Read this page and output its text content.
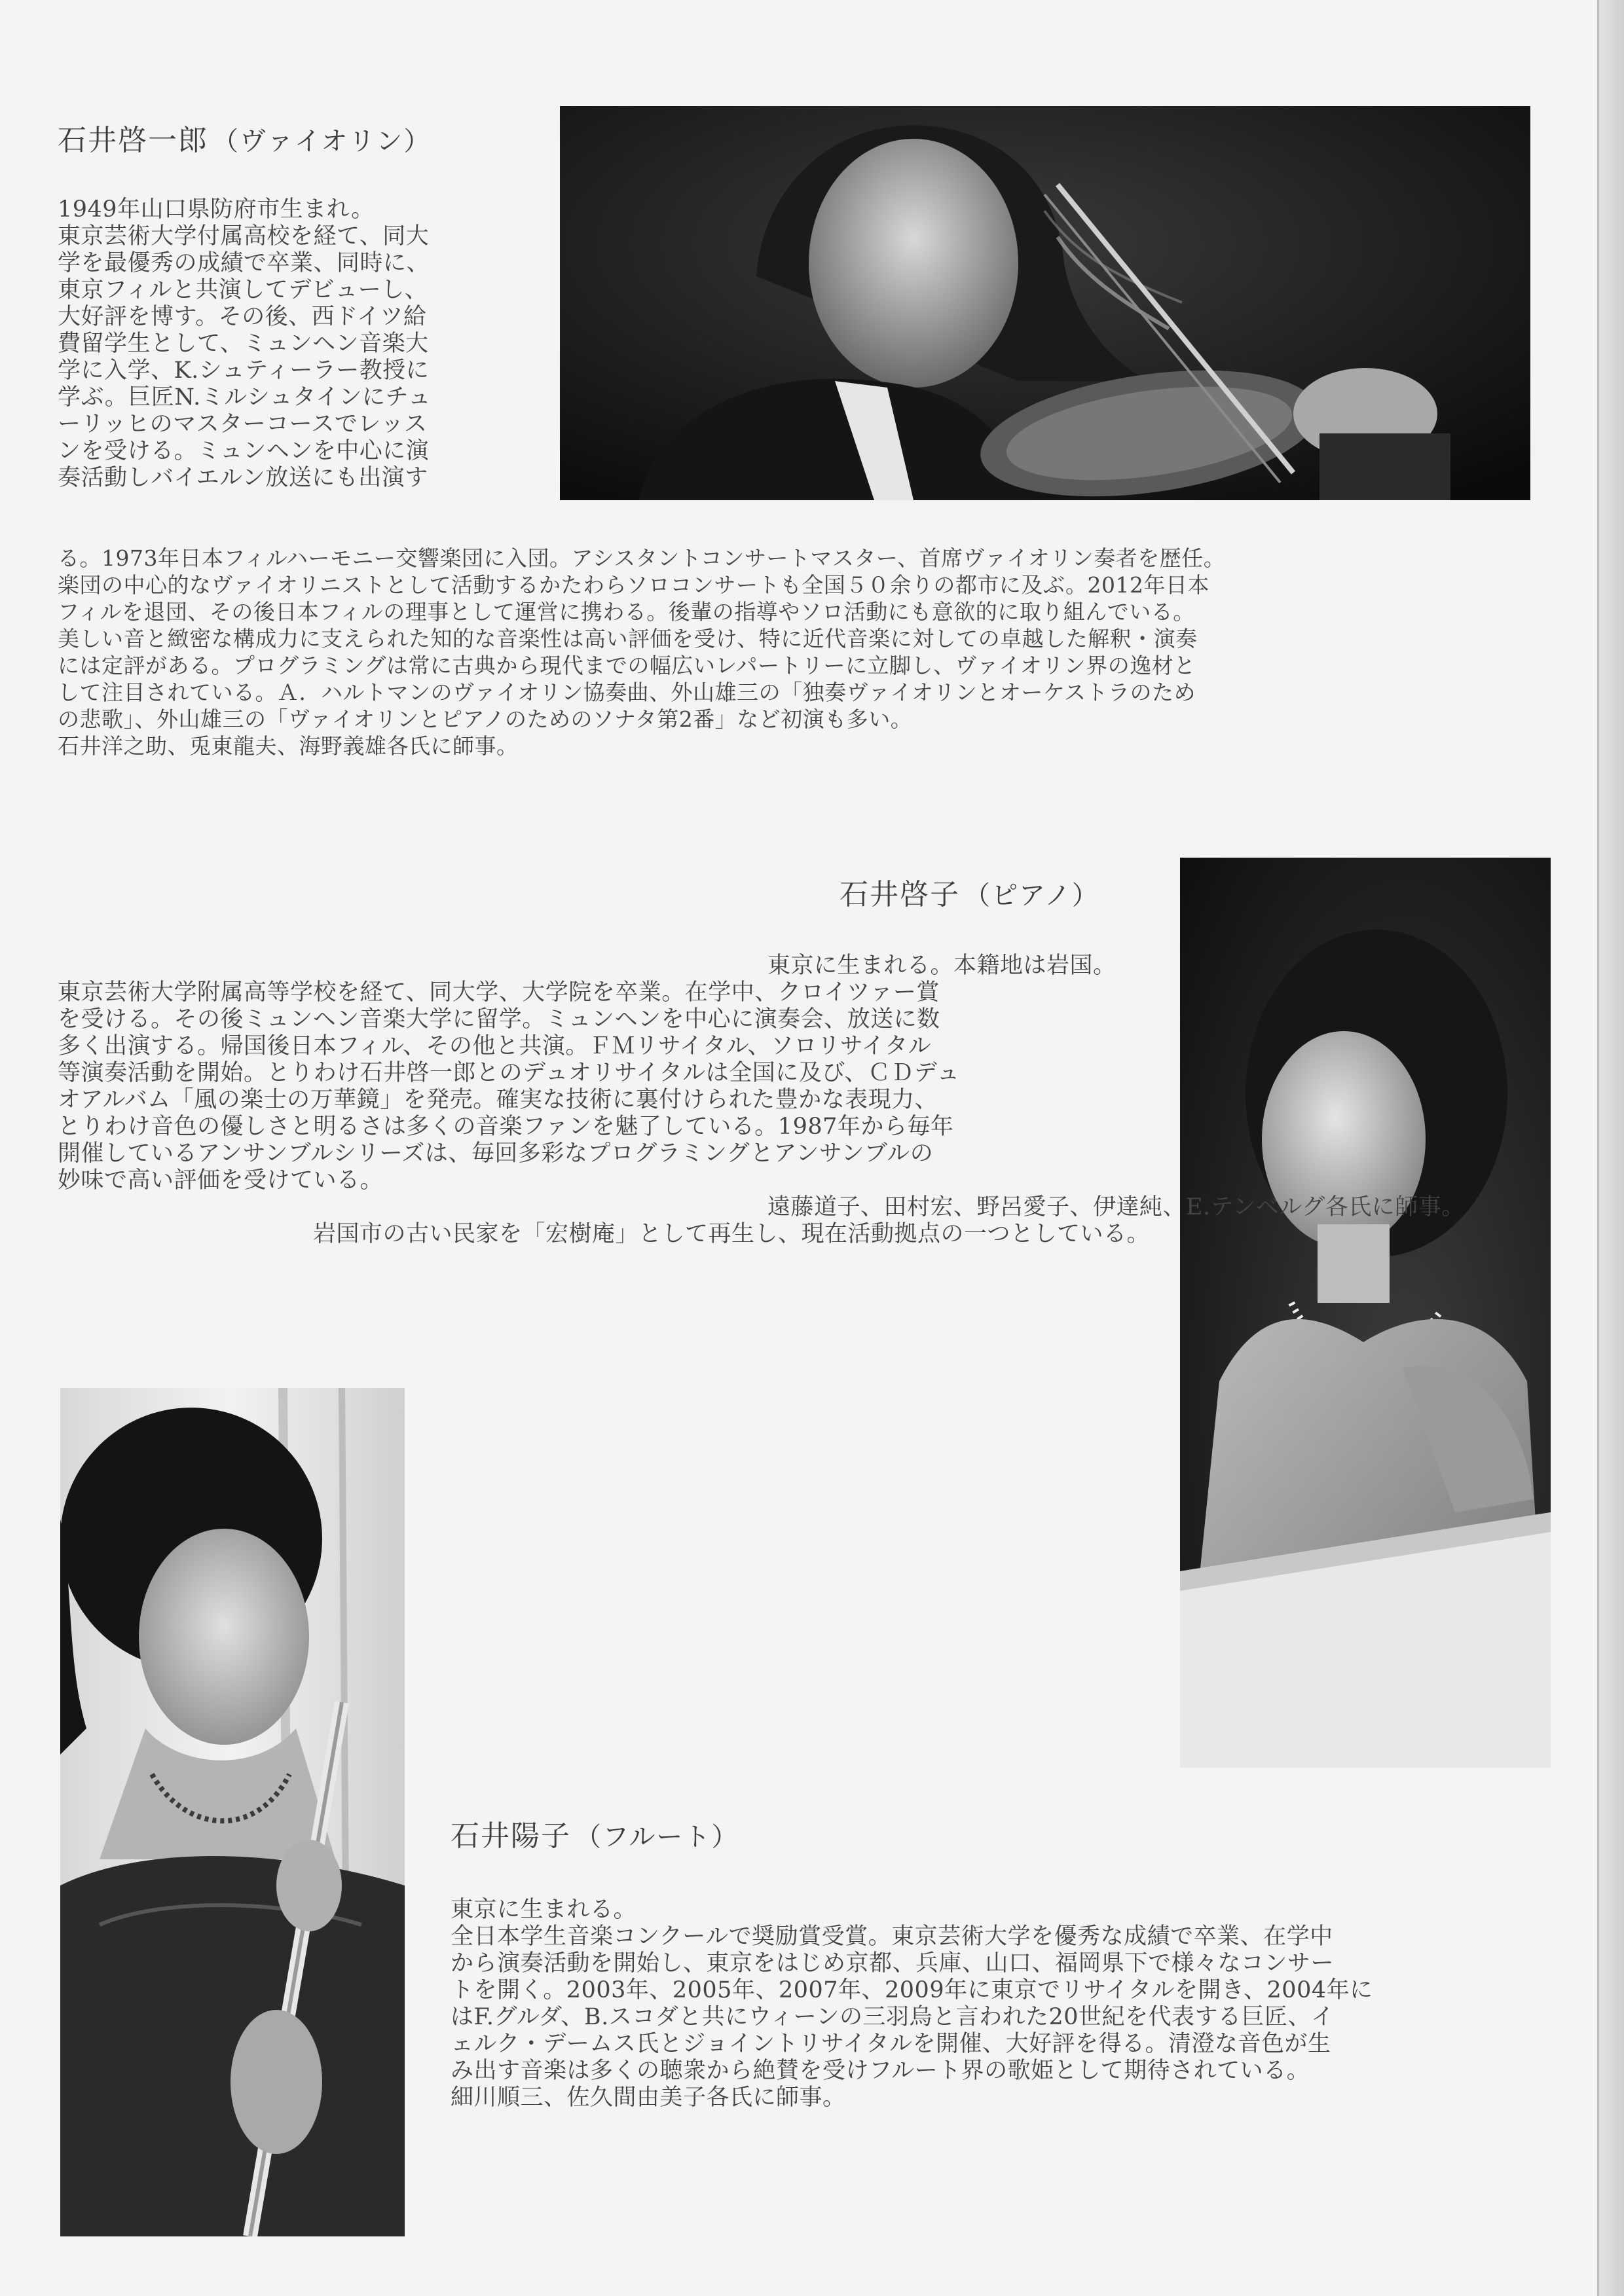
石井啓一郎 （ヴァイオリン）
1949年山口県防府市生まれ。
東京芸術大学付属高校を経て、同大
学を最優秀の成績で卒業、同時に、
東京フィルと共演してデビューし、
大好評を博す。その後、西ドイツ給
費留学生として、ミュンヘン音楽大
学に入学、K.シュティーラー教授に
学ぶ。巨匠N.ミルシュタインにチュ
ーリッヒのマスターコースでレッス
ンを受ける。ミュンヘンを中心に演
奏活動しバイエルン放送にも出演す
る。1973年日本フィルハーモニー交響楽団に入団。アシスタントコンサートマスター、首席ヴァイオリン奏者を歴任。
楽団の中心的なヴァイオリニストとして活動するかたわらソロコンサートも全国５０余りの都市に及ぶ。2012年日本
フィルを退団、その後日本フィルの理事として運営に携わる。後輩の指導やソロ活動にも意欲的に取り組んでいる。
美しい音と緻密な構成力に支えられた知的な音楽性は高い評価を受け、特に近代音楽に対しての卓越した解釈・演奏
には定評がある。プログラミングは常に古典から現代までの幅広いレパートリーに立脚し、ヴァイオリン界の逸材と
して注目されている。Ａ．ハルトマンのヴァイオリン協奏曲、外山雄三の「独奏ヴァイオリンとオーケストラのため
の悲歌」、外山雄三の「ヴァイオリンとピアノのためのソナタ第2番」など初演も多い。
石井洋之助、兎東龍夫、海野義雄各氏に師事。
石井啓子 （ピアノ）
東京に生まれる。本籍地は岩国。
東京芸術大学附属高等学校を経て、同大学、大学院を卒業。在学中、クロイツァー賞
を受ける。その後ミュンヘン音楽大学に留学。ミュンヘンを中心に演奏会、放送に数
多く出演する。帰国後日本フィル、その他と共演。ＦＭリサイタル、ソロリサイタル
等演奏活動を開始。とりわけ石井啓一郎とのデュオリサイタルは全国に及び、ＣＤデュ
オアルバム「風の楽士の万華鏡」を発売。確実な技術に裏付けられた豊かな表現力、
とりわけ音色の優しさと明るさは多くの音楽ファンを魅了している。1987年から毎年
開催しているアンサンブルシリーズは、毎回多彩なプログラミングとアンサンブルの
妙味で高い評価を受けている。
遠藤道子、田村宏、野呂愛子、伊達純、E.テンベルグ各氏に師事。
岩国市の古い民家を「宏樹庵」として再生し、現在活動拠点の一つとしている。
石井陽子 （フルート）
東京に生まれる。
全日本学生音楽コンクールで奨励賞受賞。東京芸術大学を優秀な成績で卒業、在学中
から演奏活動を開始し、東京をはじめ京都、兵庫、山口、福岡県下で様々なコンサー
トを開く。2003年、2005年、2007年、2009年に東京でリサイタルを開き、2004年に
はF.グルダ、B.スコダと共にウィーンの三羽烏と言われた20世紀を代表する巨匠、イ
ェルク・デームス氏とジョイントリサイタルを開催、大好評を得る。清澄な音色が生
み出す音楽は多くの聴衆から絶賛を受けフルート界の歌姫として期待されている。
細川順三、佐久間由美子各氏に師事。
